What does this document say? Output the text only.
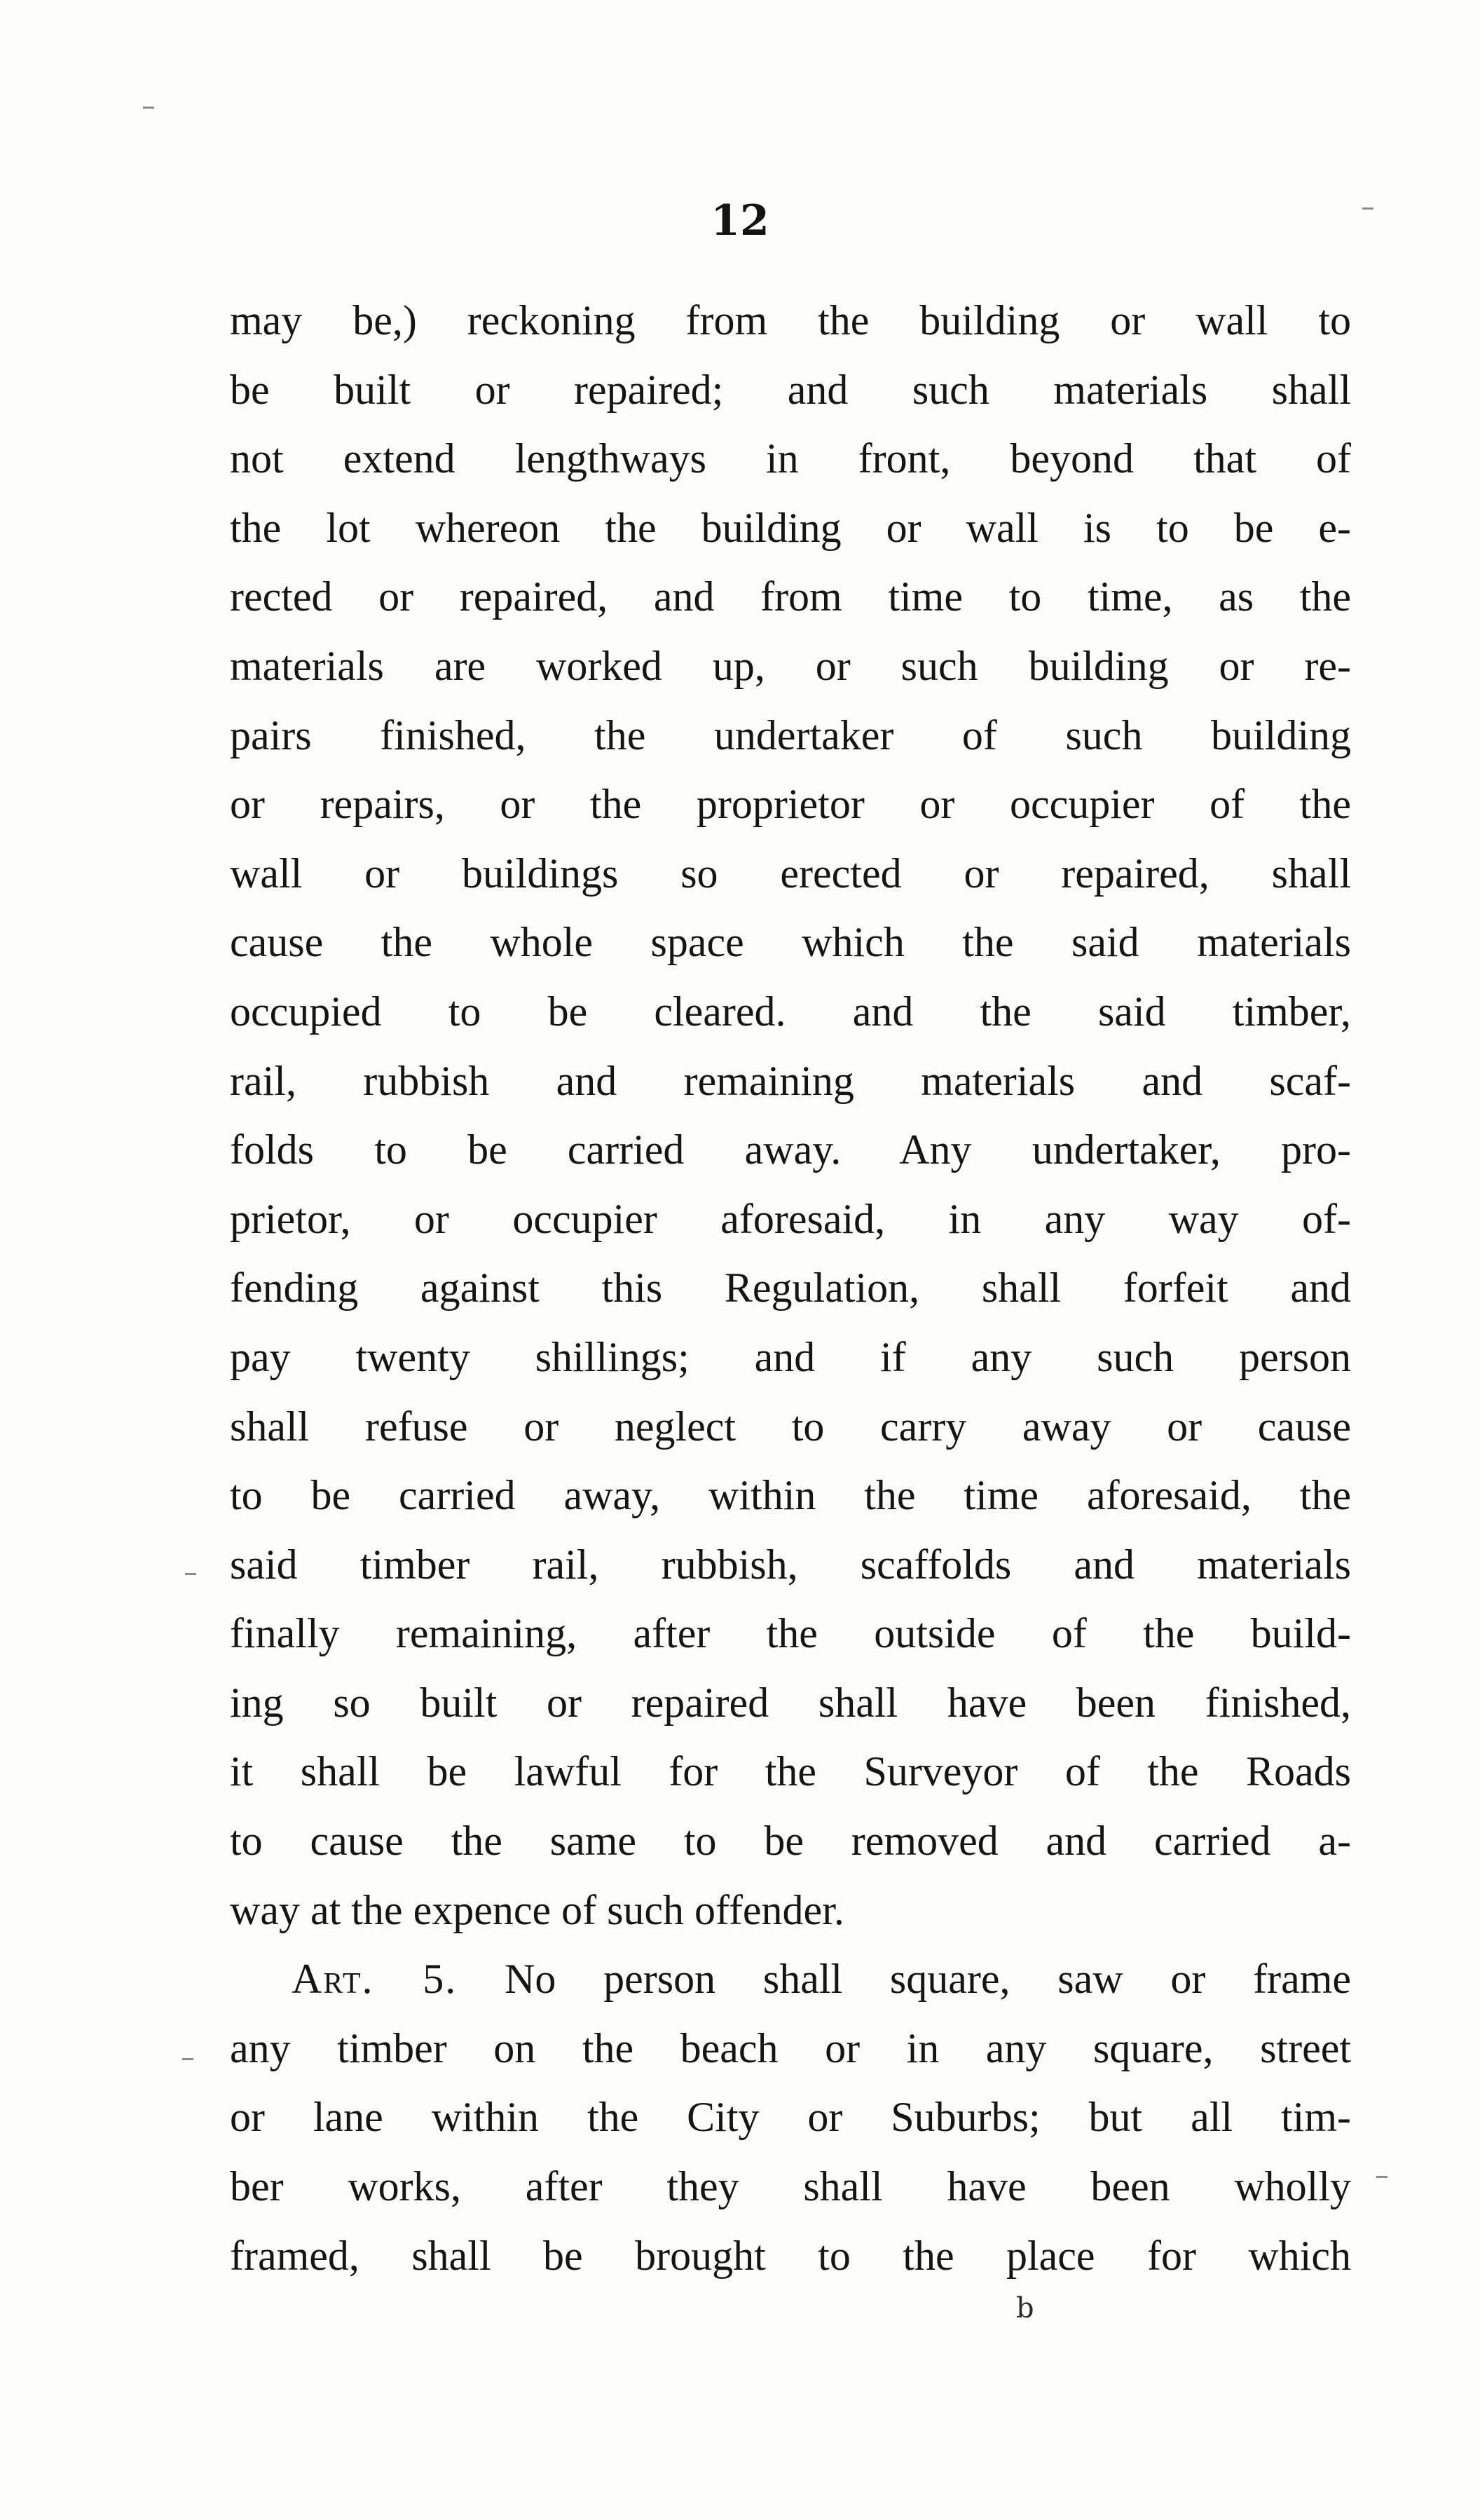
12
may be,) reckoning from the building or wall to
be built or repaired; and such materials shall
not extend lengthways in front, beyond that of
the lot whereon the building or wall is to be e-
rected or repaired, and from time to time, as the
materials are worked up, or such building or re-
pairs finished, the undertaker of such building
or repairs, or the proprietor or occupier of the
wall or buildings so erected or repaired, shall
cause the whole space which the said materials
occupied to be cleared. and the said timber,
rail, rubbish and remaining materials and scaf-
folds to be carried away. Any undertaker, pro-
prietor, or occupier aforesaid, in any way of-
fending against this Regulation, shall forfeit and
pay twenty shillings; and if any such person
shall refuse or neglect to carry away or cause
to be carried away, within the time aforesaid, the
said timber rail, rubbish, scaffolds and materials
finally remaining, after the outside of the build-
ing so built or repaired shall have been finished,
it shall be lawful for the Surveyor of the Roads
to cause the same to be removed and carried a-
way at the expence of such offender.
Art. 5. No person shall square, saw or frame
any timber on the beach or in any square, street
or lane within the City or Suburbs; but all tim-
ber works, after they shall have been wholly
framed, shall be brought to the place for which
b
